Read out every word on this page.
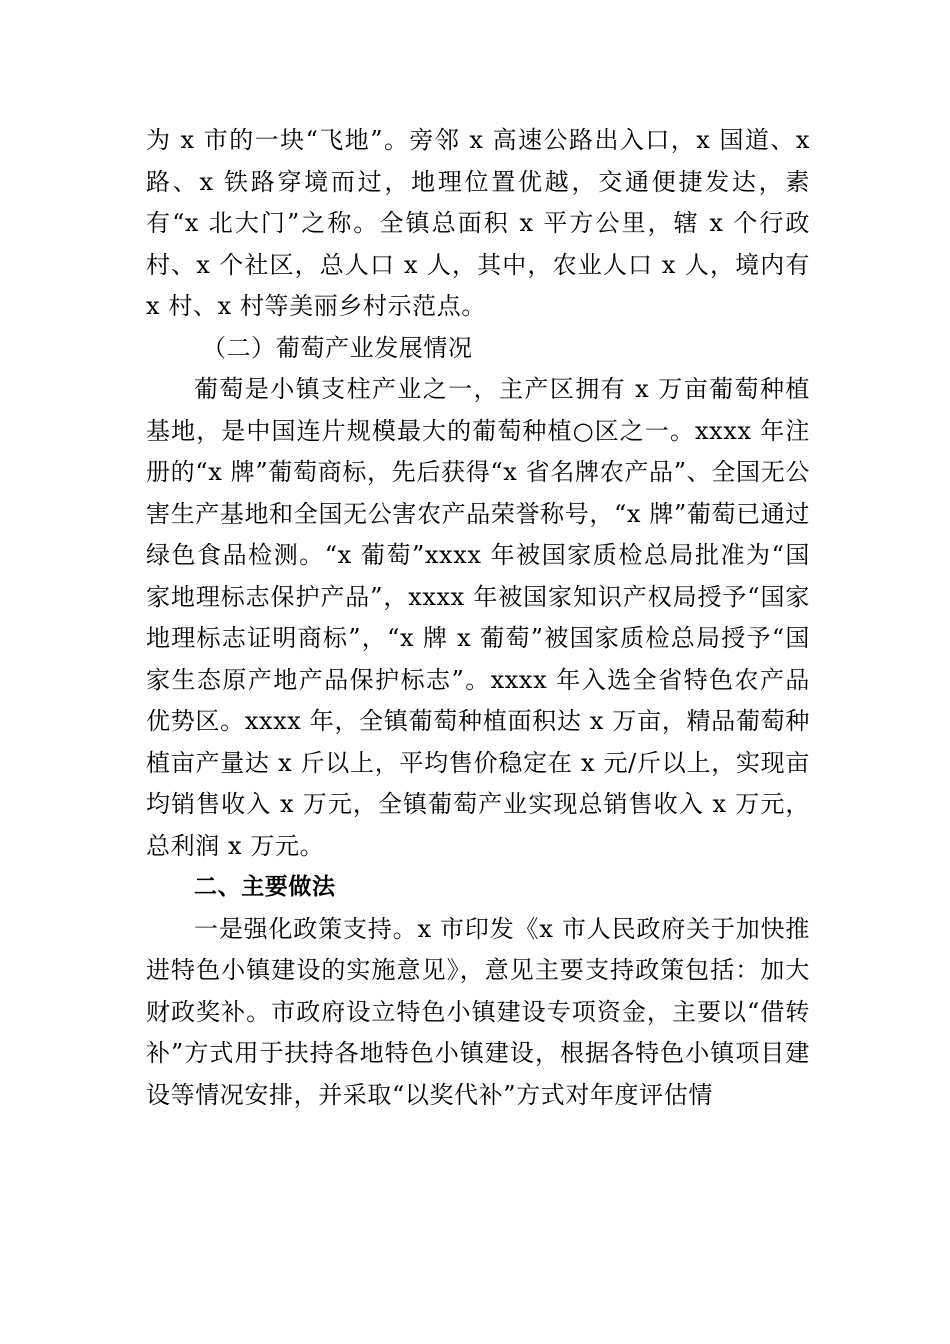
为 x 市的一块“飞地”。旁邻 x 高速公路出入口，x 国道、x 路、x 铁路穿境而过，地理位置优越，交通便捷发达，素有“x 北大门”之称。全镇总面积 x 平方公里，辖 x 个行政村、x 个社区，总人口 x 人，其中，农业人口 x 人，境内有 x 村、x 村等美丽乡村示范点。

（二）葡萄产业发展情况

葡萄是小镇支柱产业之一，主产区拥有 x 万亩葡萄种植基地，是中国连片规模最大的葡萄种植○区之一。xxxx 年注册的“x 牌”葡萄商标，先后获得“x 省名牌农产品”、全国无公害生产基地和全国无公害农产品荣誉称号，“x 牌”葡萄已通过绿色食品检测。“x 葡萄”xxxx 年被国家质检总局批准为“国家地理标志保护产品”，xxxx 年被国家知识产权局授予“国家地理标志证明商标”，“x 牌 x 葡萄”被国家质检总局授予“国家生态原产地产品保护标志”。xxxx 年入选全省特色农产品优势区。xxxx 年，全镇葡萄种植面积达 x 万亩，精品葡萄种植亩产量达 x 斤以上，平均售价稳定在 x 元/斤以上，实现亩均销售收入 x 万元，全镇葡萄产业实现总销售收入 x 万元，总利润 x 万元。

二、主要做法

一是强化政策支持。x 市印发《x 市人民政府关于加快推进特色小镇建设的实施意见》，意见主要支持政策包括：加大财政奖补。市政府设立特色小镇建设专项资金，主要以“借转补”方式用于扶持各地特色小镇建设，根据各特色小镇项目建设等情况安排，并采取“以奖代补”方式对年度评估情
